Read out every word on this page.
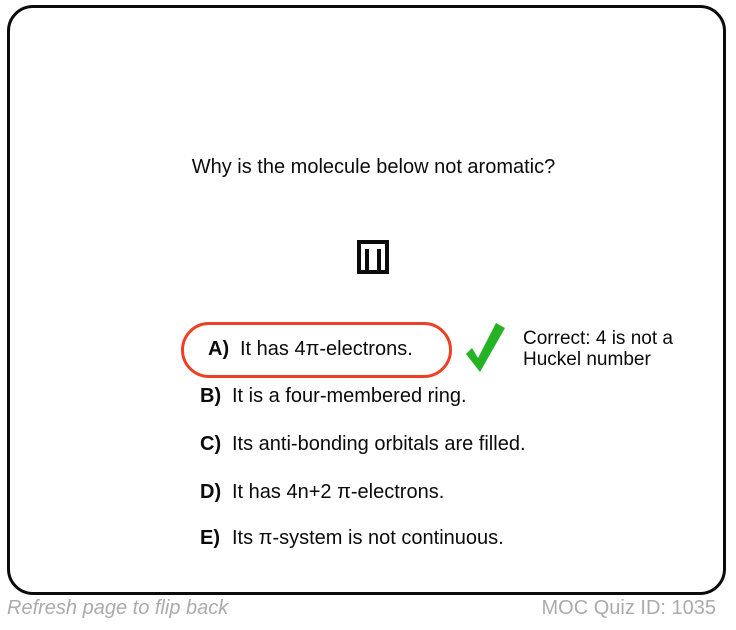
Why is the molecule below not aromatic?
A) It has 4π-electrons.
B) It is a four-membered ring.
C) Its anti-bonding orbitals are filled.
D) It has 4n+2 π-electrons.
E) Its π-system is not continuous.
Correct: 4 is not a Huckel number
Refresh page to flip back	MOC Quiz ID: 1035
